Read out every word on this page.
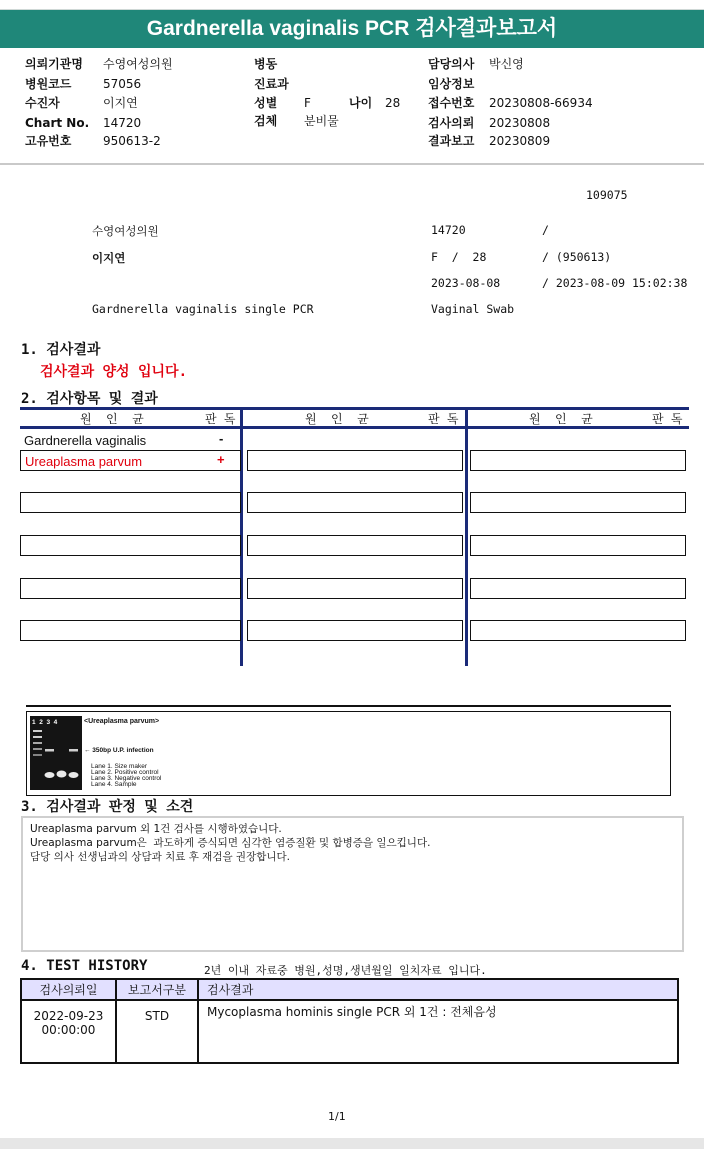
Gardnerella vaginalis PCR 검사결과보고서
의뢰기관명 수영여성의원
병원코드	57056
수진자	이지연
Chart No. 14720
고유번호	950613-2
병동
진료과
성별 F	나이 28
검체 분비물
담당의사 박신영
임상정보
접수번호 20230808-66934
검사의뢰 20230808
결과보고 20230809
109075
수영여성의원	14720	/
이지연	F  /  28	/ (950613)
2023-08-08	/ 2023-08-09 15:02:38
Gardnerella vaginalis single PCR	Vaginal Swab
1. 검사결과
검사결과 양성 입니다.
2. 검사항목 및 결과
원  인  균	판 독	원  인  균	판 독	원  인  균	판 독
Gardnerella vaginalis	-
Ureaplasma parvum	+
1  2  3  4	<Ureaplasma parvum>
← 350bp U.P. infection
Lane 1. Size maker
Lane 2. Positive control
Lane 3. Negative control
Lane 4. Sample
3. 검사결과 판정 및 소견
Ureaplasma parvum 외 1건 검사를 시행하였습니다.
Ureaplasma parvum은  과도하게 증식되면 심각한 염증질환 및 합병증을 일으킵니다.
담당 의사 선생님과의 상담과 치료 후 재검을 권장합니다.
4. TEST HISTORY	2년 이내 자료중 병원,성명,생년월일 일치자료 입니다.
검사의뢰일	보고서구분	검사결과

2022-09-23
00:00:00	STD	Mycoplasma hominis single PCR 외 1건 : 전체음성
1/1
